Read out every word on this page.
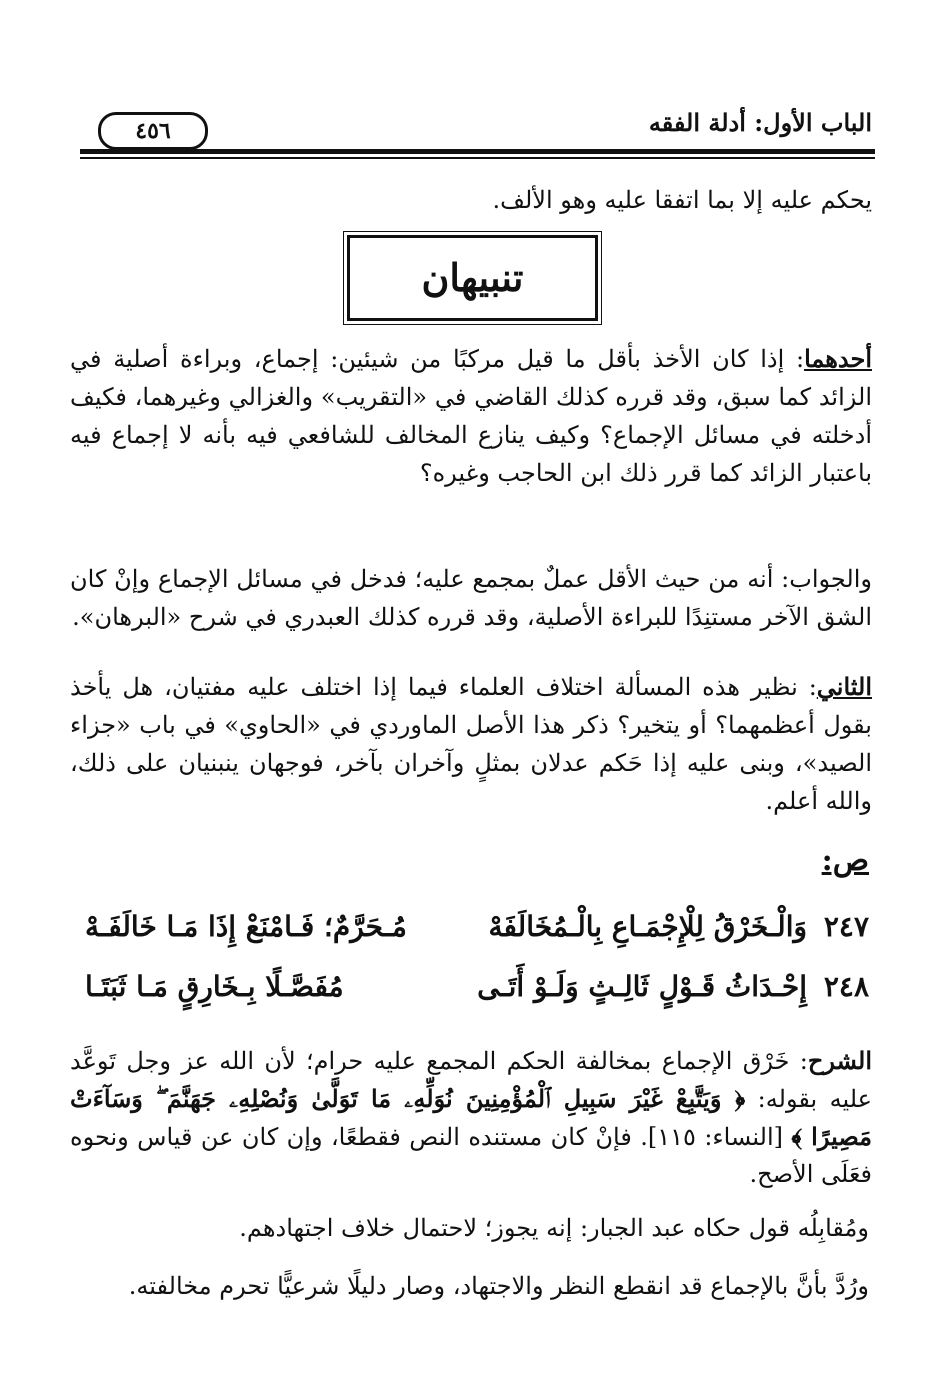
٤٥٦	الباب الأول: أدلة الفقه
يحكم عليه إلا بما اتفقا عليه وهو الألف.
تنبيهان
أحدهما: إذا كان الأخذ بأقل ما قيل مركبًا من شيئين: إجماع، وبراءة أصلية في الزائد كما سبق، وقد قرره كذلك القاضي في «التقريب» والغزالي وغيرهما، فكيف أدخلته في مسائل الإجماع؟ وكيف ينازع المخالف للشافعي فيه بأنه لا إجماع فيه باعتبار الزائد كما قرر ذلك ابن الحاجب وغيره؟
والجواب: أنه من حيث الأقل عملٌ بمجمع عليه؛ فدخل في مسائل الإجماع وإنْ كان الشق الآخر مستنِدًا للبراءة الأصلية، وقد قرره كذلك العبدري في شرح «البرهان».
الثاني: نظير هذه المسألة اختلاف العلماء فيما إذا اختلف عليه مفتيان، هل يأخذ بقول أعظمهما؟ أو يتخير؟ ذكر هذا الأصل الماوردي في «الحاوي» في باب «جزاء الصيد»، وبنى عليه إذا حَكم عدلان بمثلٍ وآخران بآخر، فوجهان ينبنيان على ذلك، والله أعلم.
ص:
٢٤٧
وَالْـخَرْقُ لِلْإِجْمَـاعِ بِالْـمُخَالَفَهْ
مُـحَرَّمٌ؛ فَـامْنَعْ إِذَا مَـا خَالَفَـهْ
٢٤٨
إِحْـدَاثُ قَـوْلٍ ثَالِـثٍ وَلَـوْ أَتَـى
مُفَصَّـلًا بِـخَارِقٍ مَـا ثَبَتَـا
الشرح: خَرْق الإجماع بمخالفة الحكم المجمع عليه حرام؛ لأن الله عز وجل تَوعَّد عليه بقوله: ﴿ وَيَتَّبِعْ غَيْرَ سَبِيلِ ٱلْمُؤْمِنِينَ نُوَلِّهِۦ مَا تَوَلَّىٰ وَنُصْلِهِۦ جَهَنَّمَ ۖ وَسَآءَتْ مَصِيرًا ﴾ [النساء: ١١٥]. فإنْ كان مستنده النص فقطعًا، وإن كان عن قياس ونحوه فعَلَى الأصح.
ومُقابِلُه قول حكاه عبد الجبار: إنه يجوز؛ لاحتمال خلاف اجتهادهم.
ورُدَّ بأنَّ بالإجماع قد انقطع النظر والاجتهاد، وصار دليلًا شرعيًّا تحرم مخالفته.
